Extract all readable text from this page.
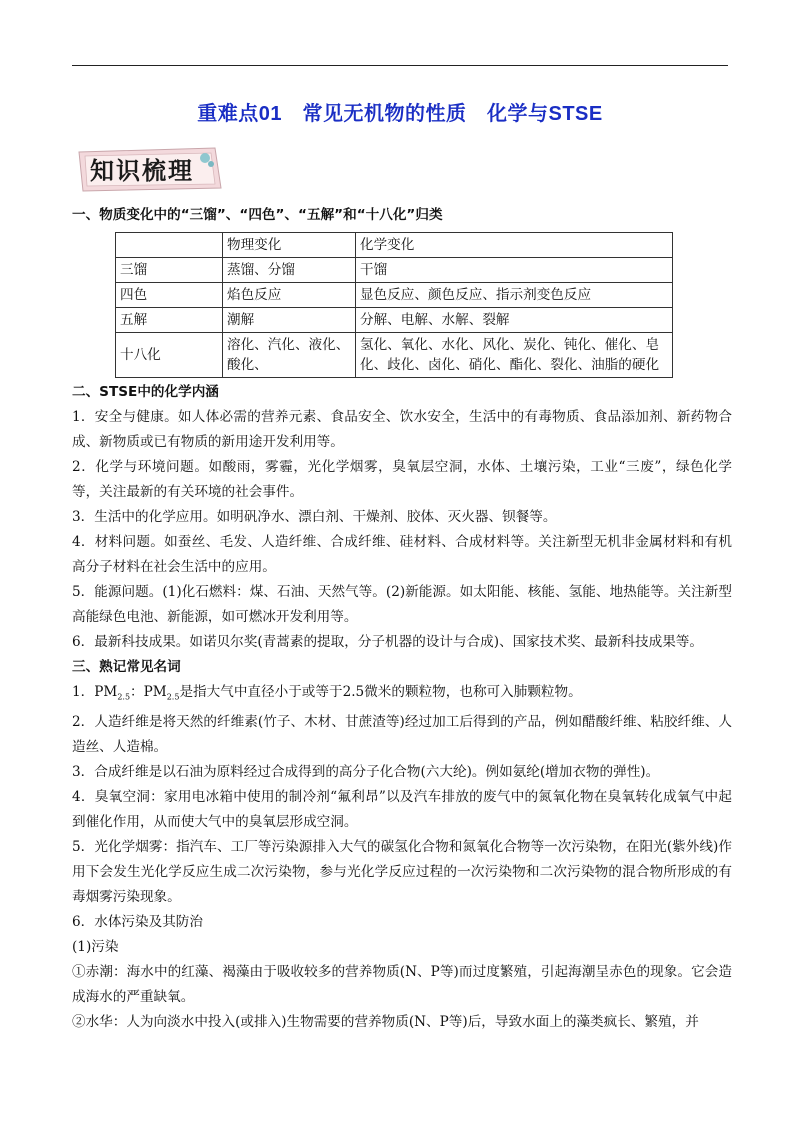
重难点01　常见无机物的性质　化学与STSE
知识梳理
一、物质变化中的“三馏”、“四色”、“五解”和“十八化”归类
	物理变化	化学变化
三馏	蒸馏、分馏	干馏
四色	焰色反应	显色反应、颜色反应、指示剂变色反应
五解	潮解	分解、电解、水解、裂解
十八化	溶化、汽化、液化、酸化、	氢化、氧化、水化、风化、炭化、钝化、催化、皂化、歧化、卤化、硝化、酯化、裂化、油脂的硬化
二、STSE中的化学内涵

1．安全与健康。如人体必需的营养元素、食品安全、饮水安全，生活中的有毒物质、食品添加剂、新药物合成、新物质或已有物质的新用途开发利用等。

2．化学与环境问题。如酸雨，雾霾，光化学烟雾，臭氧层空洞，水体、土壤污染，工业“三废”，绿色化学等，关注最新的有关环境的社会事件。

3．生活中的化学应用。如明矾净水、漂白剂、干燥剂、胶体、灭火器、钡餐等。

4．材料问题。如蚕丝、毛发、人造纤维、合成纤维、硅材料、合成材料等。关注新型无机非金属材料和有机高分子材料在社会生活中的应用。

5．能源问题。(1)化石燃料：煤、石油、天然气等。(2)新能源。如太阳能、核能、氢能、地热能等。关注新型高能绿色电池、新能源，如可燃冰开发利用等。

6．最新科技成果。如诺贝尔奖(青蒿素的提取，分子机器的设计与合成)、国家技术奖、最新科技成果等。

三、熟记常见名词

1．$PM_{2.5}$：$PM_{2.5}$是指大气中直径小于或等于2.5微米的颗粒物，也称可入肺颗粒物。

2．人造纤维是将天然的纤维素(竹子、木材、甘蔗渣等)经过加工后得到的产品，例如醋酸纤维、粘胶纤维、人造丝、人造棉。

3．合成纤维是以石油为原料经过合成得到的高分子化合物(六大纶)。例如氨纶(增加衣物的弹性)。

4．臭氧空洞：家用电冰箱中使用的制冷剂“氟利昂”以及汽车排放的废气中的氮氧化物在臭氧转化成氧气中起到催化作用，从而使大气中的臭氧层形成空洞。

5．光化学烟雾：指汽车、工厂等污染源排入大气的碳氢化合物和氮氧化合物等一次污染物，在阳光(紫外线)作用下会发生光化学反应生成二次污染物，参与光化学反应过程的一次污染物和二次污染物的混合物所形成的有毒烟雾污染现象。

6．水体污染及其防治

(1)污染

①赤潮：海水中的红藻、褐藻由于吸收较多的营养物质(N、P等)而过度繁殖，引起海潮呈赤色的现象。它会造成海水的严重缺氧。

②水华：人为向淡水中投入(或排入)生物需要的营养物质(N、P等)后，导致水面上的藻类疯长、繁殖，并
